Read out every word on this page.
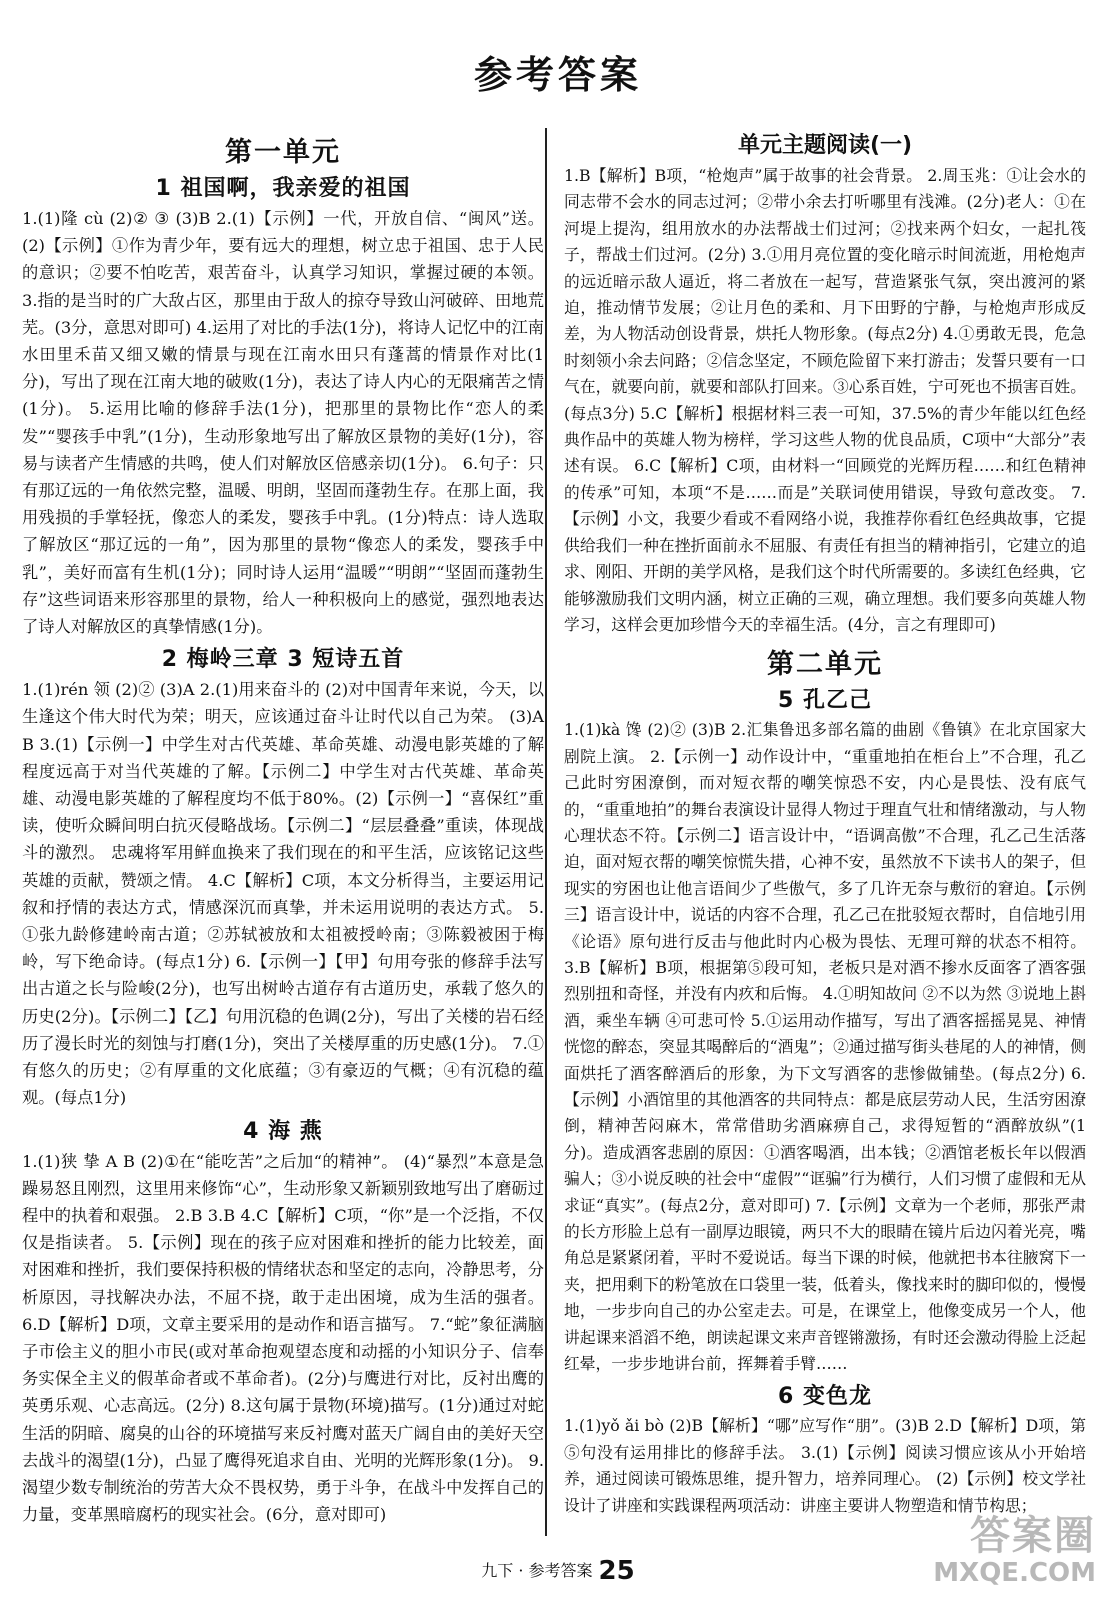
参考答案
第一单元
1 祖国啊，我亲爱的祖国

1.(1)隆 cù (2)② ③ (3)B 2.(1)【示例】一代，开放自信、“闽风”送。(2)【示例】①作为青少年，要有远大的理想，树立忠于祖国、忠于人民的意识；②要不怕吃苦，艰苦奋斗，认真学习知识，掌握过硬的本领。 3.指的是当时的广大敌占区，那里由于敌人的掠夺导致山河破碎、田地荒芜。(3分，意思对即可) 4.运用了对比的手法(1分)，将诗人记忆中的江南水田里禾苗又细又嫩的情景与现在江南水田只有蓬蒿的情景作对比(1分)，写出了现在江南大地的破败(1分)，表达了诗人内心的无限痛苦之情(1分)。 5.运用比喻的修辞手法(1分)，把那里的景物比作“恋人的柔发”“婴孩手中乳”(1分)，生动形象地写出了解放区景物的美好(1分)，容易与读者产生情感的共鸣，使人们对解放区倍感亲切(1分)。 6.句子：只有那辽远的一角依然完整，温暖、明朗，坚固而蓬勃生存。在那上面，我用残损的手掌轻抚，像恋人的柔发，婴孩手中乳。(1分)特点：诗人选取了解放区“那辽远的一角”，因为那里的景物“像恋人的柔发，婴孩手中乳”，美好而富有生机(1分)；同时诗人运用“温暖”“明朗”“坚固而蓬勃生存”这些词语来形容那里的景物，给人一种积极向上的感觉，强烈地表达了诗人对解放区的真挚情感(1分)。

2 梅岭三章 3 短诗五首

1.(1)rén 领 (2)② (3)A 2.(1)用来奋斗的 (2)对中国青年来说，今天，以生逢这个伟大时代为荣；明天，应该通过奋斗让时代以自己为荣。 (3)A B 3.(1)【示例一】中学生对古代英雄、革命英雄、动漫电影英雄的了解程度远高于对当代英雄的了解。【示例二】中学生对古代英雄、革命英雄、动漫电影英雄的了解程度均不低于80%。(2)【示例一】“喜保红”重读，使听众瞬间明白抗灭侵略战场。【示例二】“层层叠叠”重读，体现战斗的激烈。 忠魂将军用鲜血换来了我们现在的和平生活，应该铭记这些英雄的贡献，赞颂之情。 4.C【解析】C项，本文分析得当，主要运用记叙和抒情的表达方式，情感深沉而真挚，并未运用说明的表达方式。 5.①张九龄修建岭南古道；②苏轼被放和太祖被授岭南；③陈毅被困于梅岭，写下绝命诗。(每点1分) 6.【示例一】【甲】句用夸张的修辞手法写出古道之长与险峻(2分)，也写出树岭古道存有古道历史，承载了悠久的历史(2分)。【示例二】【乙】句用沉稳的色调(2分)，写出了关楼的岩石经历了漫长时光的刻蚀与打磨(1分)，突出了关楼厚重的历史感(1分)。 7.①有悠久的历史；②有厚重的文化底蕴；③有豪迈的气概；④有沉稳的蕴观。(每点1分)

4 海 燕

1.(1)狭 挚 A B (2)①在“能吃苦”之后加“的精神”。 (4)“暴烈”本意是急躁易怒且刚烈，这里用来修饰“心”，生动形象又新颖别致地写出了磨砺过程中的执着和艰强。 2.B 3.B 4.C【解析】C项，“你”是一个泛指，不仅仅是指读者。 5.【示例】现在的孩子应对困难和挫折的能力比较差，面对困难和挫折，我们要保持积极的情绪状态和坚定的志向，冷静思考，分析原因，寻找解决办法，不屈不挠，敢于走出困境，成为生活的强者。 6.D【解析】D项，文章主要采用的是动作和语言描写。 7.“蛇”象征满脑子市侩主义的胆小市民(或对革命抱观望态度和动摇的小知识分子、信奉务实保全主义的假革命者或不革命者)。(2分)与鹰进行对比，反衬出鹰的英勇乐观、心志高远。(2分) 8.这句属于景物(环境)描写。(1分)通过对蛇生活的阴暗、腐臭的山谷的环境描写来反衬鹰对蓝天广阔自由的美好天空去战斗的渴望(1分)，凸显了鹰得死追求自由、光明的光辉形象(1分)。 9.渴望少数专制统治的劳苦大众不畏权势，勇于斗争，在战斗中发挥自己的力量，变革黑暗腐朽的现实社会。(6分，意对即可)

单元主题阅读(一)

1.B【解析】B项，“枪炮声”属于故事的社会背景。 2.周玉兆：①让会水的同志带不会水的同志过河；②带小余去打听哪里有浅滩。(2分)老人：①在河堤上提沟，组用放水的办法帮战士们过河；②找来两个妇女，一起扎筏子，帮战士们过河。(2分) 3.①用月亮位置的变化暗示时间流逝，用枪炮声的远近暗示敌人逼近，将二者放在一起写，营造紧张气氛，突出渡河的紧迫，推动情节发展；②让月色的柔和、月下田野的宁静，与枪炮声形成反差，为人物活动创设背景，烘托人物形象。(每点2分) 4.①勇敢无畏，危急时刻领小余去问路；②信念坚定，不顾危险留下来打游击；发誓只要有一口气在，就要向前，就要和部队打回来。③心系百姓，宁可死也不损害百姓。(每点3分) 5.C【解析】根据材料三表一可知，37.5%的青少年能以红色经典作品中的英雄人物为榜样，学习这些人物的优良品质，C项中“大部分”表述有误。 6.C【解析】C项，由材料一“回顾党的光辉历程……和红色精神的传承”可知，本项“不是……而是”关联词使用错误，导致句意改变。 7.【示例】小文，我要少看或不看网络小说，我推荐你看红色经典故事，它提供给我们一种在挫折面前永不屈服、有责任有担当的精神指引，它建立的追求、刚阳、开朗的美学风格，是我们这个时代所需要的。多读红色经典，它能够激励我们文明内涵，树立正确的三观，确立理想。我们要多向英雄人物学习，这样会更加珍惜今天的幸福生活。(4分，言之有理即可)

第二单元
5 孔乙己

1.(1)kà 馋 (2)② (3)B 2.汇集鲁迅多部名篇的曲剧《鲁镇》在北京国家大剧院上演。 2.【示例一】动作设计中，“重重地拍在柜台上”不合理，孔乙己此时穷困潦倒，而对短衣帮的嘲笑惊恐不安，内心是畏怯、没有底气的，“重重地拍”的舞台表演设计显得人物过于理直气壮和情绪激动，与人物心理状态不符。【示例二】语言设计中，“语调高傲”不合理，孔乙己生活落迫，面对短衣帮的嘲笑惊慌失措，心神不安，虽然放不下读书人的架子，但现实的穷困也让他言语间少了些傲气，多了几许无奈与敷衍的窘迫。【示例三】语言设计中，说话的内容不合理，孔乙己在批驳短衣帮时，自信地引用《论语》原句进行反击与他此时内心极为畏怯、无理可辩的状态不相符。 3.B【解析】B项，根据第⑤段可知，老板只是对酒不掺水反面客了酒客强烈别扭和奇怪，并没有内疚和后悔。 4.①明知故问 ②不以为然 ③说地上斟酒，乘坐车辆 ④可悲可怜 5.①运用动作描写，写出了酒客摇摇晃晃、神情恍惚的醉态，突显其喝醉后的“酒鬼”；②通过描写街头巷尾的人的神情，侧面烘托了酒客醉酒后的形象，为下文写酒客的悲惨做铺垫。(每点2分) 6.【示例】小酒馆里的其他酒客的共同特点：都是底层劳动人民，生活穷困潦倒，精神苦闷麻木，常常借助劣酒麻痹自己，求得短暂的“酒醉放纵”(1分)。造成酒客悲剧的原因：①酒客喝酒，出本钱；②酒馆老板长年以假酒骗人；③小说反映的社会中“虚假”“诓骗”行为横行，人们习惯了虚假和无从求证“真实”。(每点2分，意对即可) 7.【示例】文章为一个老师，那张严肃的长方形脸上总有一副厚边眼镜，两只不大的眼睛在镜片后边闪着光亮，嘴角总是紧紧闭着，平时不爱说话。每当下课的时候，他就把书本往腋窝下一夹，把用剩下的粉笔放在口袋里一装，低着头，像找来时的脚印似的，慢慢地，一步步向自己的办公室走去。可是，在课堂上，他像变成另一个人，他讲起课来滔滔不绝，朗读起课文来声音铿锵激扬，有时还会激动得脸上泛起红晕，一步步地讲台前，挥舞着手臂……

6 变色龙

1.(1)yǒ ǎi bò (2)B【解析】“哪”应写作“朋”。(3)B 2.D【解析】D项，第⑤句没有运用排比的修辞手法。 3.(1)【示例】阅读习惯应该从小开始培养，通过阅读可锻炼思维，提升智力，培养同理心。 (2)【示例】校文学社设计了讲座和实践课程两项活动：讲座主要讲人物塑造和情节构思；

九下 · 参考答案 25
答案圈
MXQE.COM
